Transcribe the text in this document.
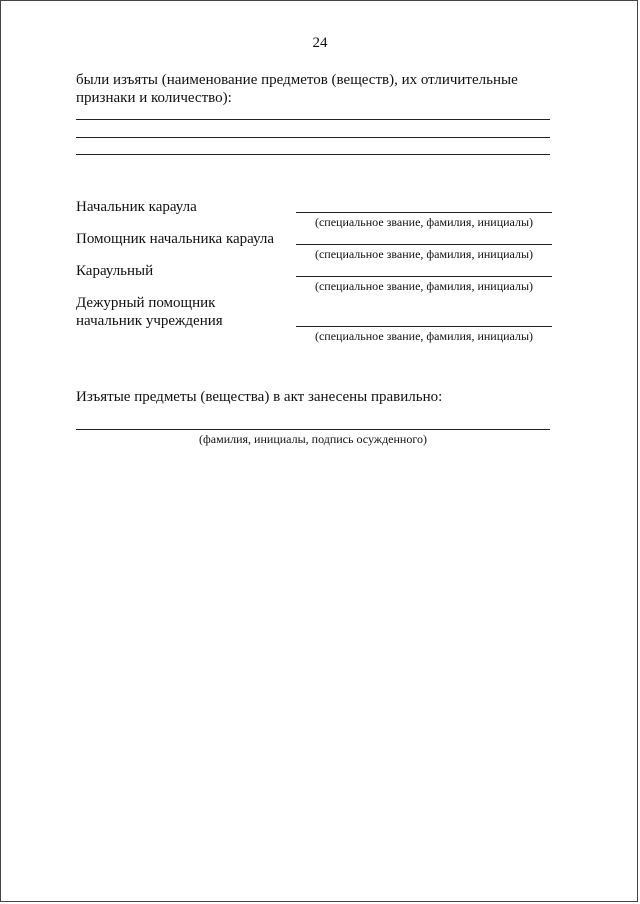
24
были изъяты (наименование предметов (веществ), их отличительные
признаки и количество):
Начальник караула
(специальное звание, фамилия, инициалы)
Помощник начальника караула
(специальное звание, фамилия, инициалы)
Караульный
(специальное звание, фамилия, инициалы)
Дежурный помощник
начальник учреждения
(специальное звание, фамилия, инициалы)
Изъятые предметы (вещества) в акт занесены правильно:
(фамилия, инициалы, подпись осужденного)
